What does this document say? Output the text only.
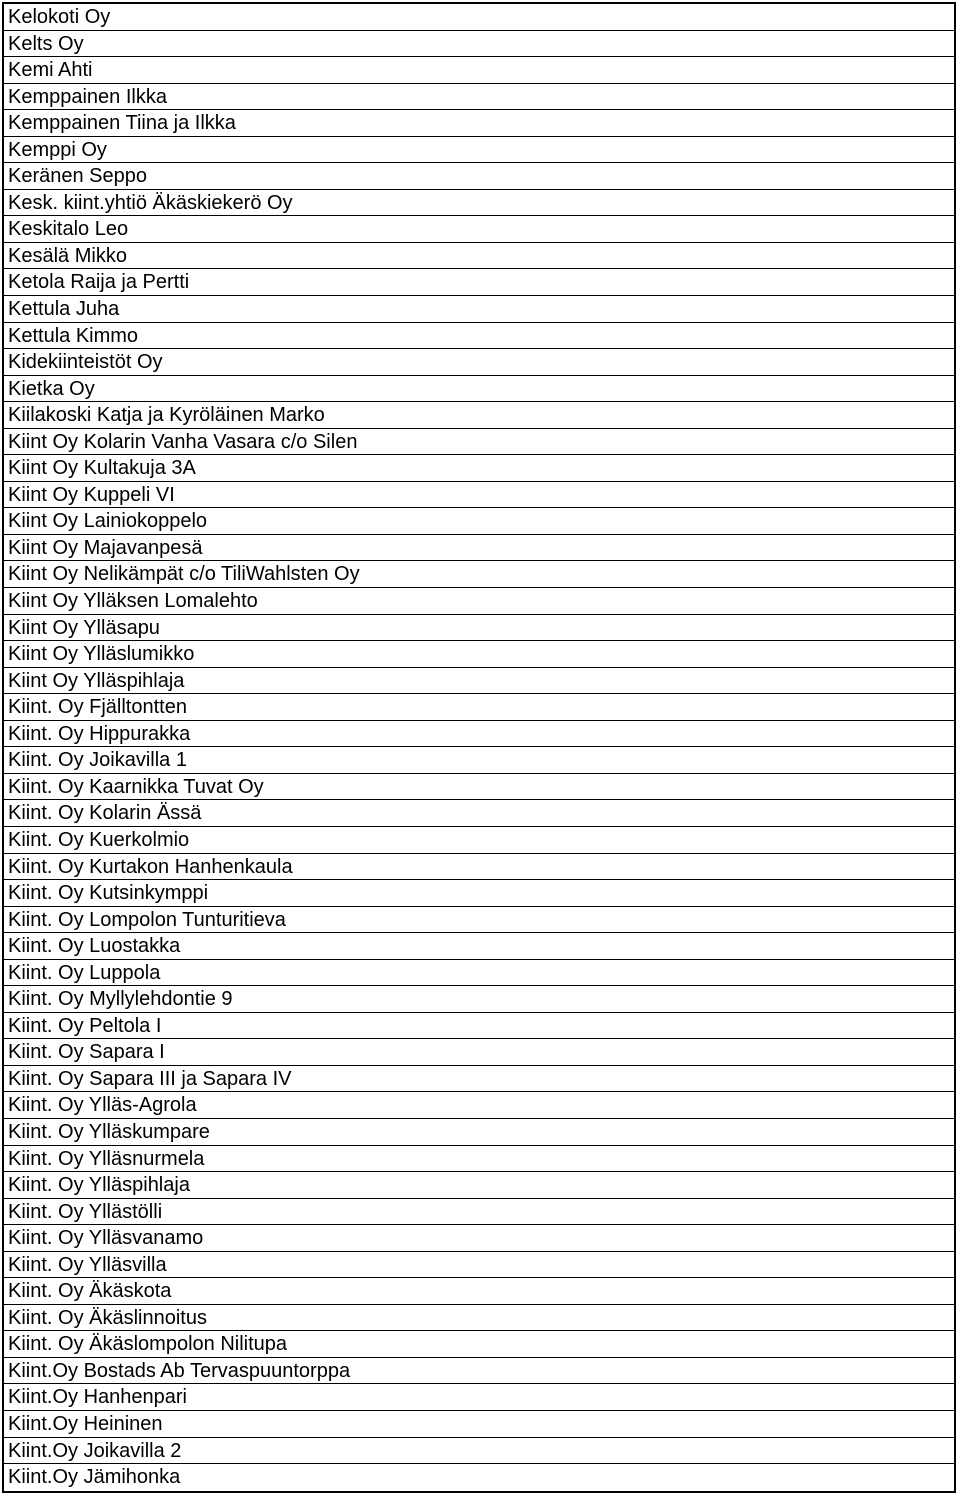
Kelokoti Oy
Kelts Oy
Kemi Ahti
Kemppainen Ilkka
Kemppainen Tiina ja Ilkka
Kemppi Oy
Keränen Seppo
Kesk. kiint.yhtiö Äkäskiekerö Oy
Keskitalo Leo
Kesälä Mikko
Ketola Raija ja Pertti
Kettula Juha
Kettula Kimmo
Kidekiinteistöt Oy
Kietka Oy
Kiilakoski Katja ja Kyröläinen Marko
Kiint Oy Kolarin Vanha Vasara c/o Silen
Kiint Oy Kultakuja 3A
Kiint Oy Kuppeli VI
Kiint Oy Lainiokoppelo
Kiint Oy Majavanpesä
Kiint Oy Nelikämpät c/o TiliWahlsten Oy
Kiint Oy Ylläksen Lomalehto
Kiint Oy Ylläsapu
Kiint Oy Ylläslumikko
Kiint Oy Ylläspihlaja
Kiint. Oy Fjälltontten
Kiint. Oy Hippurakka
Kiint. Oy Joikavilla 1
Kiint. Oy Kaarnikka Tuvat Oy
Kiint. Oy Kolarin Ässä
Kiint. Oy Kuerkolmio
Kiint. Oy Kurtakon Hanhenkaula
Kiint. Oy Kutsinkymppi
Kiint. Oy Lompolon Tunturitieva
Kiint. Oy Luostakka
Kiint. Oy Luppola
Kiint. Oy Myllylehdontie 9
Kiint. Oy Peltola I
Kiint. Oy Sapara I
Kiint. Oy Sapara III ja Sapara IV
Kiint. Oy Ylläs-Agrola
Kiint. Oy Ylläskumpare
Kiint. Oy Ylläsnurmela
Kiint. Oy Ylläspihlaja
Kiint. Oy Yllästölli
Kiint. Oy Ylläsvanamo
Kiint. Oy Ylläsvilla
Kiint. Oy Äkäskota
Kiint. Oy Äkäslinnoitus
Kiint. Oy Äkäslompolon Nilitupa
Kiint.Oy Bostads Ab Tervaspuuntorppa
Kiint.Oy Hanhenpari
Kiint.Oy Heininen
Kiint.Oy Joikavilla 2
Kiint.Oy Jämihonka
